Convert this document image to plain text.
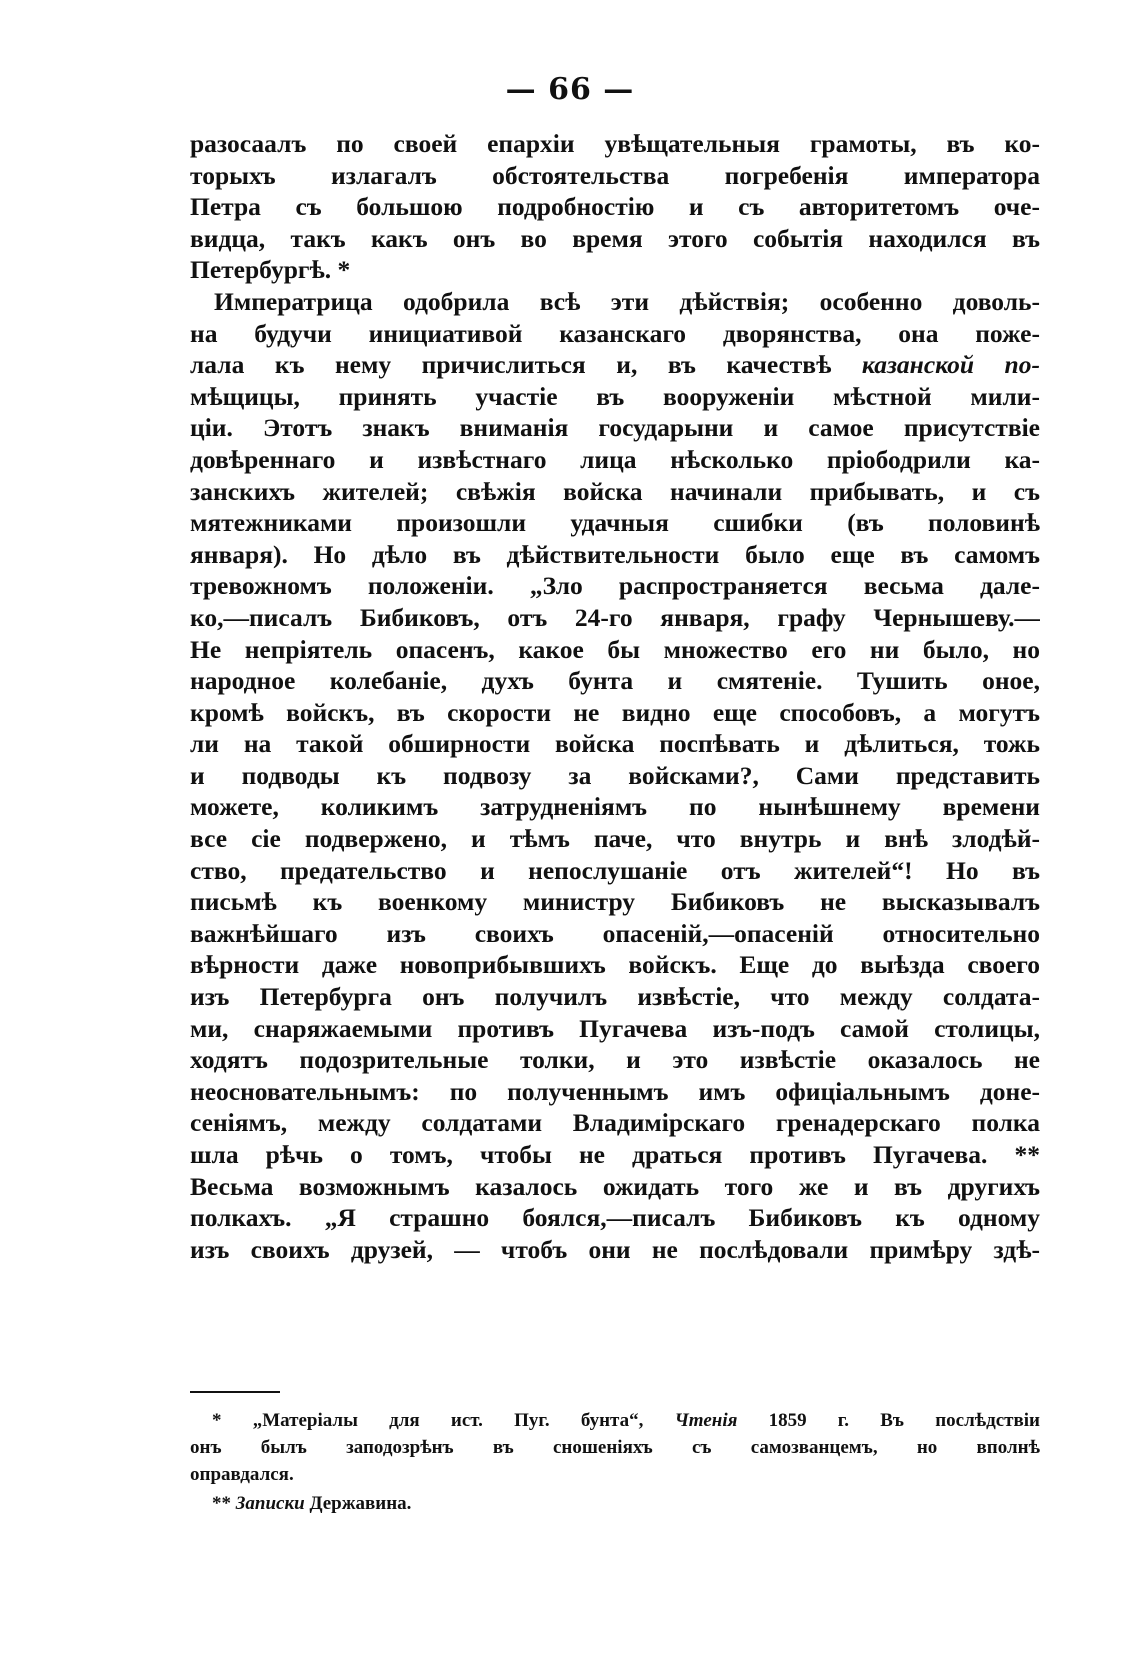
— 66 —
разосаалъ по своей епархіи увѣщательныя грамоты, въ ко-
торыхъ излагалъ обстоятельства погребенія императора
Петра съ большою подробностію и съ авторитетомъ оче-
видца, такъ какъ онъ во время этого событія находился въ
Петербургѣ. *
Императрица одобрила всѣ эти дѣйствія; особенно доволь-
на будучи инициативой казанскаго дворянства, она поже-
лала къ нему причислиться и, въ качествѣ казанской по-
мѣщицы, принять участіе въ вооруженіи мѣстной мили-
ціи. Этотъ знакъ вниманія государыни и самое присутствіе
довѣреннаго и извѣстнаго лица нѣсколько пріободрили ка-
занскихъ жителей; свѣжія войска начинали прибывать, и съ
мятежниками произошли удачныя сшибки (въ половинѣ
января). Но дѣло въ дѣйствительности было еще въ самомъ
тревожномъ положеніи. „Зло распространяется весьма дале-
ко,—писалъ Бибиковъ, отъ 24-го января, графу Чернышеву.—
Не непріятель опасенъ, какое бы множество его ни было, но
народное колебаніе, духъ бунта и смятеніе. Тушить оное,
кромѣ войскъ, въ скорости не видно еще способовъ, а могутъ
ли на такой обширности войска поспѣвать и дѣлиться, тожь
и подводы къ подвозу за войсками?, Сами представить
можете, коликимъ затрудненіямъ по нынѣшнему времени
все сіе подвержено, и тѣмъ паче, что внутрь и внѣ злодѣй-
ство, предательство и непослушаніе отъ жителей“! Но въ
письмѣ къ военкому министру Бибиковъ не высказывалъ
важнѣйшаго изъ своихъ опасеній,—опасеній относительно
вѣрности даже новоприбывшихъ войскъ. Еще до выѣзда своего
изъ Петербурга онъ получилъ извѣстіе, что между солдата-
ми, снаряжаемыми противъ Пугачева изъ-подъ самой столицы,
ходятъ подозрительные толки, и это извѣстіе оказалось не
неосновательнымъ: по полученнымъ имъ офиціальнымъ доне-
сеніямъ, между солдатами Владимірскаго гренадерскаго полка
шла рѣчь о томъ, чтобы не драться противъ Пугачева. **
Весьма возможнымъ казалось ожидать того же и въ другихъ
полкахъ. „Я страшно боялся,—писалъ Бибиковъ къ одному
изъ своихъ друзей, — чтобъ они не послѣдовали примѣру здѣ-
* „Матеріалы для ист. Пуг. бунта“, Чтенія 1859 г. Въ послѣдствіи
онъ былъ заподозрѣнъ въ сношеніяхъ съ самозванцемъ, но вполнѣ
оправдался.
** Записки Державина.
